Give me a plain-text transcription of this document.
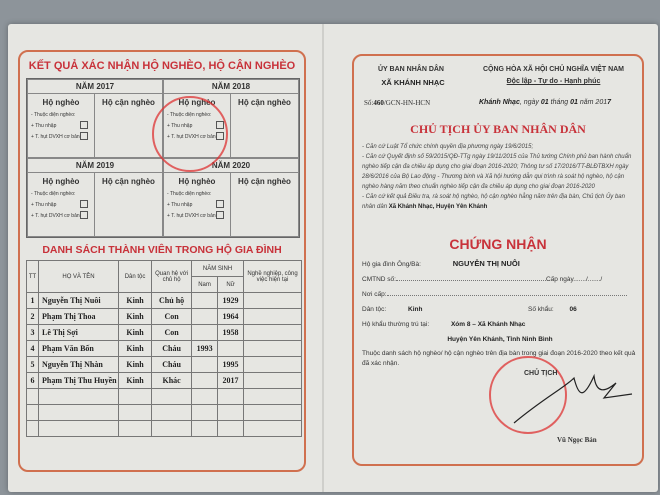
KẾT QUẢ XÁC NHẬN HỘ NGHÈO, HỘ CẬN NGHÈO
NĂM 2017
Hộ nghèo
- Thuộc diện nghèo:
+ Thu nhập
+ T. hụt DVXH cơ bản
Hộ cận nghèo
NĂM 2018
Hộ nghèo
- Thuộc diện nghèo:
+ Thu nhập
+ T. hụt DVXH cơ bản
Hộ cận nghèo
NĂM 2019
Hộ nghèo
- Thuộc diện nghèo:
+ Thu nhập
+ T. hụt DVXH cơ bản
Hộ cận nghèo
NĂM 2020
Hộ nghèo
- Thuộc diện nghèo:
+ Thu nhập
+ T. hụt DVXH cơ bản
Hộ cận nghèo
DANH SÁCH THÀNH VIÊN TRONG HỘ GIA ĐÌNH
TT	HỌ VÀ TÊN	Dân tộc	Quan hệ với chủ hộ	NĂM SINH		Nghề nghiệp, công việc hiện tại
				Nam	Nữ	
1	Nguyễn Thị Nuôi	Kinh	Chủ hộ		1929	
2	Phạm Thị Thoa	Kinh	Con		1964	
3	Lê Thị Sợi	Kinh	Con		1958	
4	Phạm Văn Bốn	Kinh	Cháu	1993		
5	Nguyễn Thị Nhàn	Kinh	Cháu		1995	
6	Phạm Thị Thu Huyền	Kinh	Khác		2017	

ỦY BAN NHÂN DÂN
XÃ KHÁNH NHẠC
CỘNG HÒA XÃ HỘI CHỦ NGHĨA VIỆT NAM
Độc lập - Tự do - Hạnh phúc
Số:460/GCN-HN-HCN	Khánh Nhạc, ngày 01 tháng 01 năm 2017
CHỦ TỊCH ỦY BAN NHÂN DÂN
- Căn cứ Luật Tổ chức chính quyền địa phương ngày 19/6/2015;
- Căn cứ Quyết định số 59/2015/QĐ-TTg ngày 19/11/2015 của Thủ tướng Chính phủ ban hành chuẩn nghèo tiếp cận đa chiều áp dụng cho giai đoạn 2016-2020; Thông tư số 17/2016/TT-BLĐTBXH ngày 28/6/2016 của Bộ Lao động - Thương binh và Xã hội hướng dẫn qui trình rà soát hộ nghèo, hộ cận nghèo hàng năm theo chuẩn nghèo tiếp cận đa chiều áp dụng cho giai đoạn 2016-2020
- Căn cứ kết quả Điều tra, rà soát hộ nghèo, hộ cận nghèo hằng năm trên địa bàn, Chủ tịch Ủy ban nhân dân Xã Khánh Nhạc, Huyện Yên Khánh
CHỨNG NHẬN
Hộ gia đình Ông/Bà:	NGUYỄN THỊ NUÔI
CMTND số:	Cấp ngày......./......./
Nơi cấp:
Dân tộc:	Kinh	Số khẩu: 06
Hộ khẩu thường trú tại:	Xóm 8 – Xã Khánh Nhạc
Huyện Yên Khánh, Tỉnh Ninh Bình
Thuộc danh sách hộ nghèo/ hộ cận nghèo trên địa bàn trong giai đoạn 2016-2020 theo kết quả đã xác nhận.
CHỦ TỊCH
Vũ Ngọc Bản
